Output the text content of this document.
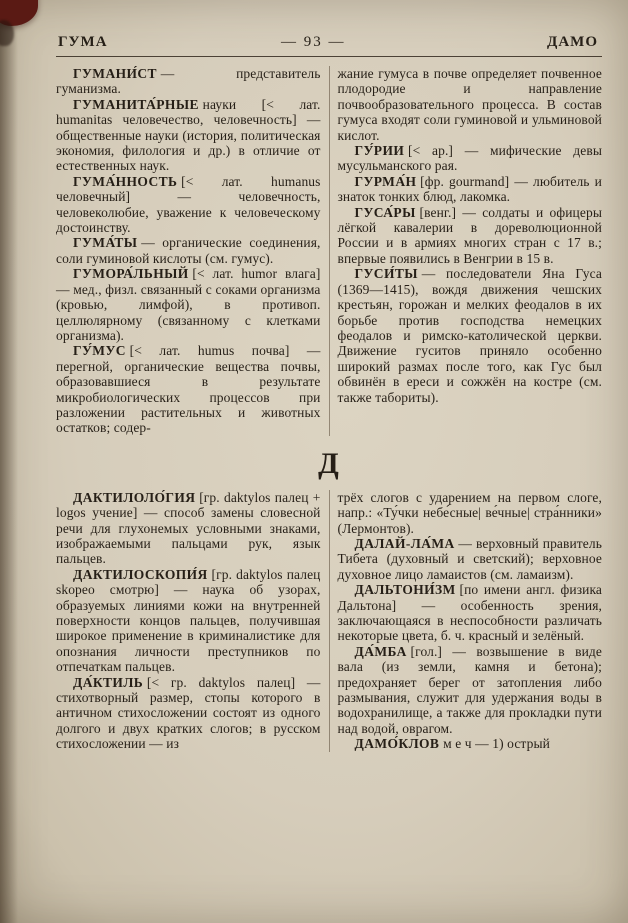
ГУМА	— 93 —	ДАМО

ГУМАНИ́СТ — представитель гуманизма.

ГУМАНИТА́РНЫЕ науки [< лат. humanitas человечество, человечность] — общественные науки (история, политическая экономия, филология и др.) в отличие от естественных наук.

ГУМА́ННОСТЬ [< лат. humanus человечный] — человечность, человеколюбие, уважение к человеческому достоинству.

ГУМА́ТЫ — органические соединения, соли гуминовой кислоты (см. гумус).

ГУМОРА́ЛЬНЫЙ [< лат. humor влага] — мед., физл. связанный с соками организма (кровью, лимфой), в противоп. целлюлярному (связанному с клетками организма).

ГУ́МУС [< лат. humus почва] — перегной, органические вещества почвы, образовавшиеся в результате микробиологических процессов при разложении растительных и животных остатков; содер-

жание гумуса в почве определяет почвенное плодородие и направление почвообразовательного процесса. В состав гумуса входят соли гуминовой и ульминовой кислот.

ГУ́РИИ [< ар.] — мифические девы мусульманского рая.

ГУРМА́Н [фр. gourmand] — любитель и знаток тонких блюд, лакомка.

ГУСА́РЫ [венг.] — солдаты и офицеры лёгкой кавалерии в дореволюционной России и в армиях многих стран с 17 в.; впервые появились в Венгрии в 15 в.

ГУСИ́ТЫ — последователи Яна Гуса (1369—1415), вождя движения чешских крестьян, горожан и мелких феодалов в их борьбе против господства немецких феодалов и римско-католической церкви. Движение гуситов приняло особенно широкий размах после того, как Гус был обвинён в ереси и сожжён на костре (см. также табориты).

Д

ДАКТИЛОЛО́ГИЯ [гр. daktylos палец + logos учение] — способ замены словесной речи для глухонемых условными знаками, изображаемыми пальцами рук, язык пальцев.

ДАКТИЛОСКОПИ́Я [гр. daktylos палец skopeo смотрю] — наука об узорах, образуемых линиями кожи на внутренней поверхности концов пальцев, получившая широкое применение в криминалистике для опознания личности преступников по отпечаткам пальцев.

ДА́КТИЛЬ [< гр. daktylos палец] — стихотворный размер, стопы которого в античном стихосложении состоят из одного долгого и двух кратких слогов; в русском стихосложении — из

трёх слогов с ударением на первом слоге, напр.: «Ту́чки небе́сные| ве́чные| стра́нники» (Лермонтов).

ДАЛАЙ-ЛА́МА — верховный правитель Тибета (духовный и светский); верховное духовное лицо ламаистов (см. ламаизм).

ДАЛЬТОНИ́ЗМ [по имени англ. физика Дальтона] — особенность зрения, заключающаяся в неспособности различать некоторые цвета, б. ч. красный и зелёный.

ДА́МБА [гол.] — возвышение в виде вала (из земли, камня и бетона); предохраняет берег от затопления либо размывания, служит для удержания воды в водохранилище, а также для прокладки пути над водой, оврагом.

ДАМО́КЛОВ м е ч — 1) острый
